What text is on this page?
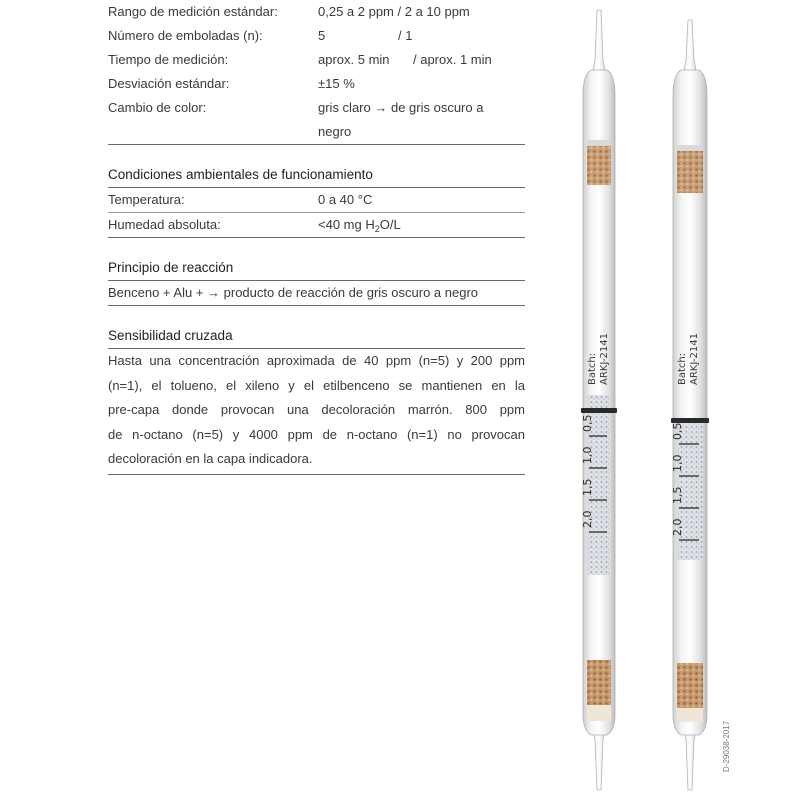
Rango de medición estándar:	0,25 a 2 ppm / 2 a 10 ppm
Número de emboladas (n):	5	/ 1
Tiempo de medición:	aprox. 5 min / aprox. 1 min
Desviación estándar:	±15 %
Cambio de color:	gris claro → de gris oscuro a
negro
Condiciones ambientales de funcionamiento
Temperatura:	0 a 40 °C
Humedad absoluta:	<40 mg $H_2O/L$
Principio de reacción
Benceno + Alu + → producto de reacción de gris oscuro a negro
Sensibilidad cruzada

Hasta una concentración aproximada de 40 ppm (n=5) y 200 ppm

(n=1), el tolueno, el xileno y el etilbenceno se mantienen en la

pre-capa donde provocan una decoloración marrón. 800 ppm

de n-octano (n=5) y 4000 ppm de n-octano (n=1) no provocan

decoloración en la capa indicadora.

0,5
1,0
1,5
2,0
Batch: ARKJ-2141
0,5
1,0
1,5
2,0
Batch: ARKJ-2141
D-29038-2017
